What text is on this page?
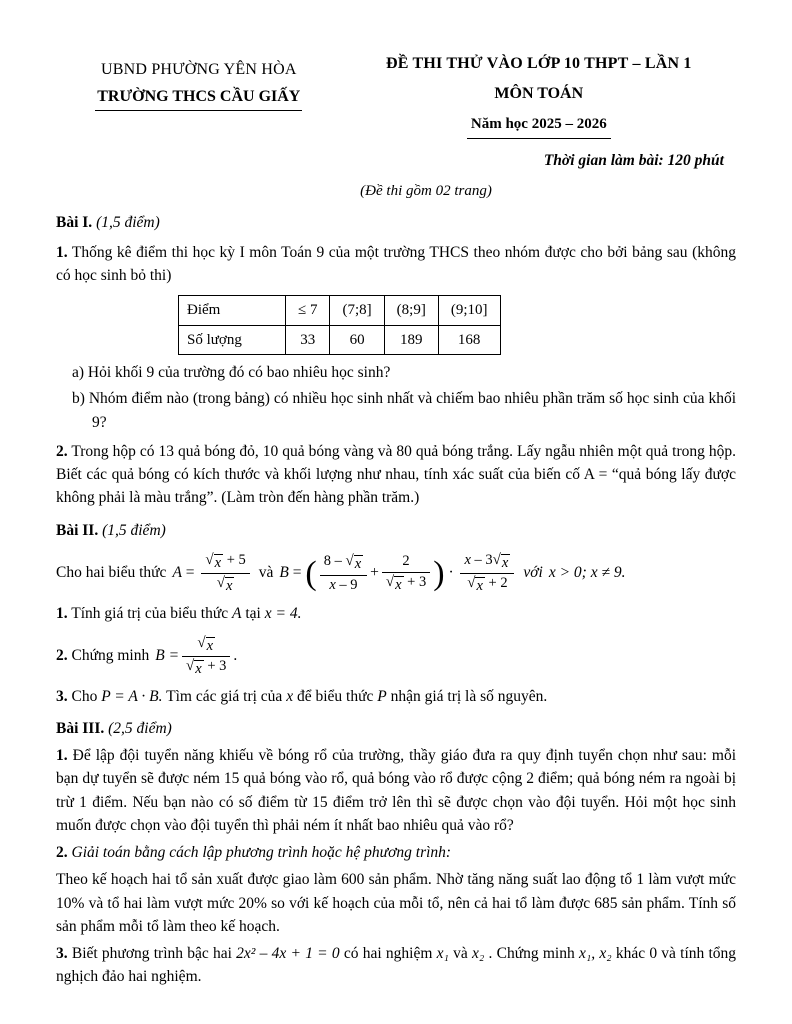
UBND PHƯỜNG YÊN HÒA
TRƯỜNG THCS CẦU GIẤY
ĐỀ THI THỬ VÀO LỚP 10 THPT – LẦN 1
MÔN TOÁN
Năm học 2025 – 2026
Thời gian làm bài: 120 phút
(Đề thi gồm 02 trang)
Bài I. (1,5 điểm)

1. Thống kê điểm thi học kỳ I môn Toán 9 của một trường THCS theo nhóm được cho bởi bảng sau (không có học sinh bỏ thi)

Điểm	≤ 7	(7;8]	(8;9]	(9;10]
Số lượng	33	60	189	168

a) Hỏi khối 9 của trường đó có bao nhiêu học sinh?

b) Nhóm điểm nào (trong bảng) có nhiều học sinh nhất và chiếm bao nhiêu phần trăm số học sinh của khối 9?

2. Trong hộp có 13 quả bóng đỏ, 10 quả bóng vàng và 80 quả bóng trắng. Lấy ngẫu nhiên một quả trong hộp. Biết các quả bóng có kích thước và khối lượng như nhau, tính xác suất của biến cố A = “quả bóng lấy được không phải là màu trắng”. (Làm tròn đến hàng phần trăm.)

Bài II. (1,5 điểm)
Cho hai biểu thức $A = \frac{√ x + 5}{√ x}$ và B = ( $\frac{8 - √ x}{x - 9} + \frac{2}{√ x + 3}$ ) · $\frac{x - 3 √ x}{√ x + 2}$ với x > 0; x ≠ 9.

1. Tính giá trị của biểu thức A tại x = 4.

2.
Chứng minh $B = \frac{√ x}{√ x + 3}$ .

3. Cho P = A · B. Tìm các giá trị của x để biểu thức P nhận giá trị là số nguyên.

Bài III. (2,5 điểm)

1. Để lập đội tuyển năng khiếu về bóng rổ của trường, thầy giáo đưa ra quy định tuyển chọn như sau: mỗi bạn dự tuyển sẽ được ném 15 quả bóng vào rổ, quả bóng vào rổ được cộng 2 điểm; quả bóng ném ra ngoài bị trừ 1 điểm. Nếu bạn nào có số điểm từ 15 điểm trở lên thì sẽ được chọn vào đội tuyển. Hỏi một học sinh muốn được chọn vào đội tuyển thì phải ném ít nhất bao nhiêu quả vào rổ?

2. Giải toán bằng cách lập phương trình hoặc hệ phương trình:

Theo kế hoạch hai tổ sản xuất được giao làm 600 sản phẩm. Nhờ tăng năng suất lao động tổ 1 làm vượt mức 10% và tổ hai làm vượt mức 20% so với kế hoạch của mỗi tổ, nên cả hai tổ làm được 685 sản phẩm. Tính số sản phẩm mỗi tổ làm theo kế hoạch.

3. Biết phương trình bậc hai 2x² – 4x + 1 = 0 có hai nghiệm x₁ và x₂ . Chứng minh x₁, x₂ khác 0 và tính tổng nghịch đảo hai nghiệm.
